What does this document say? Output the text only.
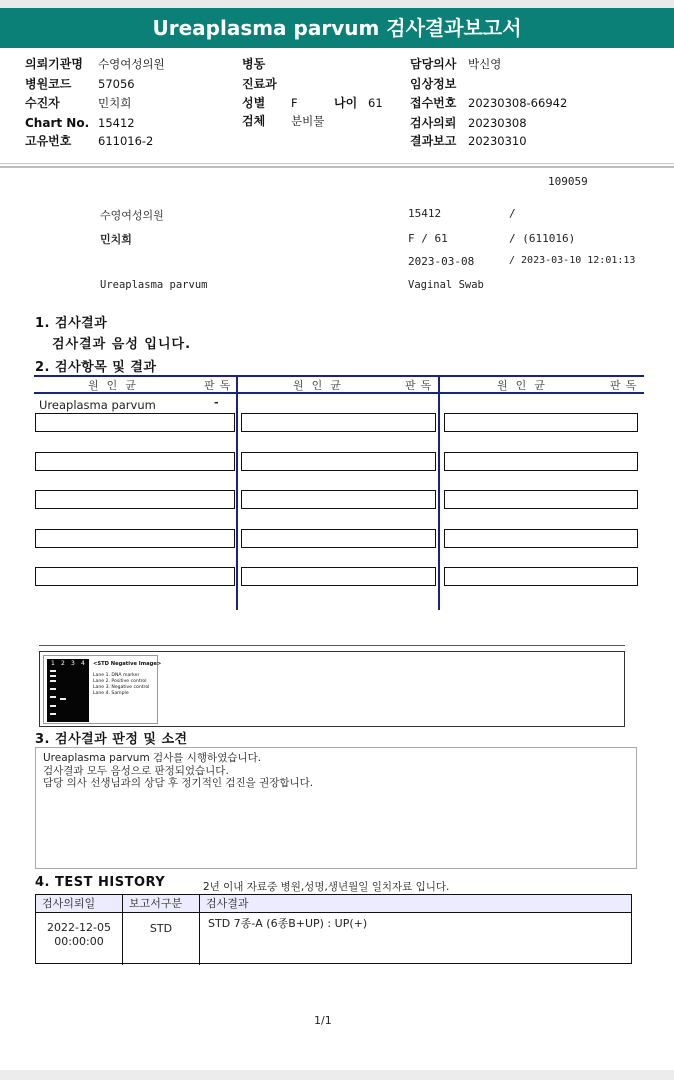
Ureaplasma parvum 검사결과보고서
의뢰기관명 수영여성의원
병원코드 57056
수진자	민치희
Chart No. 15412
고유번호 611016-2
병동
진료과
성별 F	나이 61
검체 분비물
담당의사 박신영
임상정보
접수번호 20230308-66942
검사의뢰 20230308
결과보고 20230310
109059
수영여성의원	15412	/
민치희	F / 61	/ (611016)
2023-03-08	/ 2023-03-10 12:01:13
Ureaplasma parvum	Vaginal Swab
1. 검사결과
검사결과 음성 입니다.
2. 검사항목 및 결과
원인균	판독	원인균	판독	원인균	판독
Ureaplasma parvum	-
1 2 3 4 <STD Negative Image>
Lane 1. DNA marker
Lane 2. Positive control
Lane 3. Negative control
Lane 4. Sample
3. 검사결과 판정 및 소견
Ureaplasma parvum 검사를 시행하였습니다.
검사결과 모두 음성으로 판정되었습니다.
담당 의사 선생님과의 상담 후 정기적인 검진을 권장합니다.
4. TEST HISTORY	2년 이내 자료중 병원,성명,생년월일 일치자료 입니다.
검사의뢰일	보고서구분	검사결과
2022-12-05
00:00:00
STD	STD 7종-A (6종B+UP) : UP(+)
1/1
